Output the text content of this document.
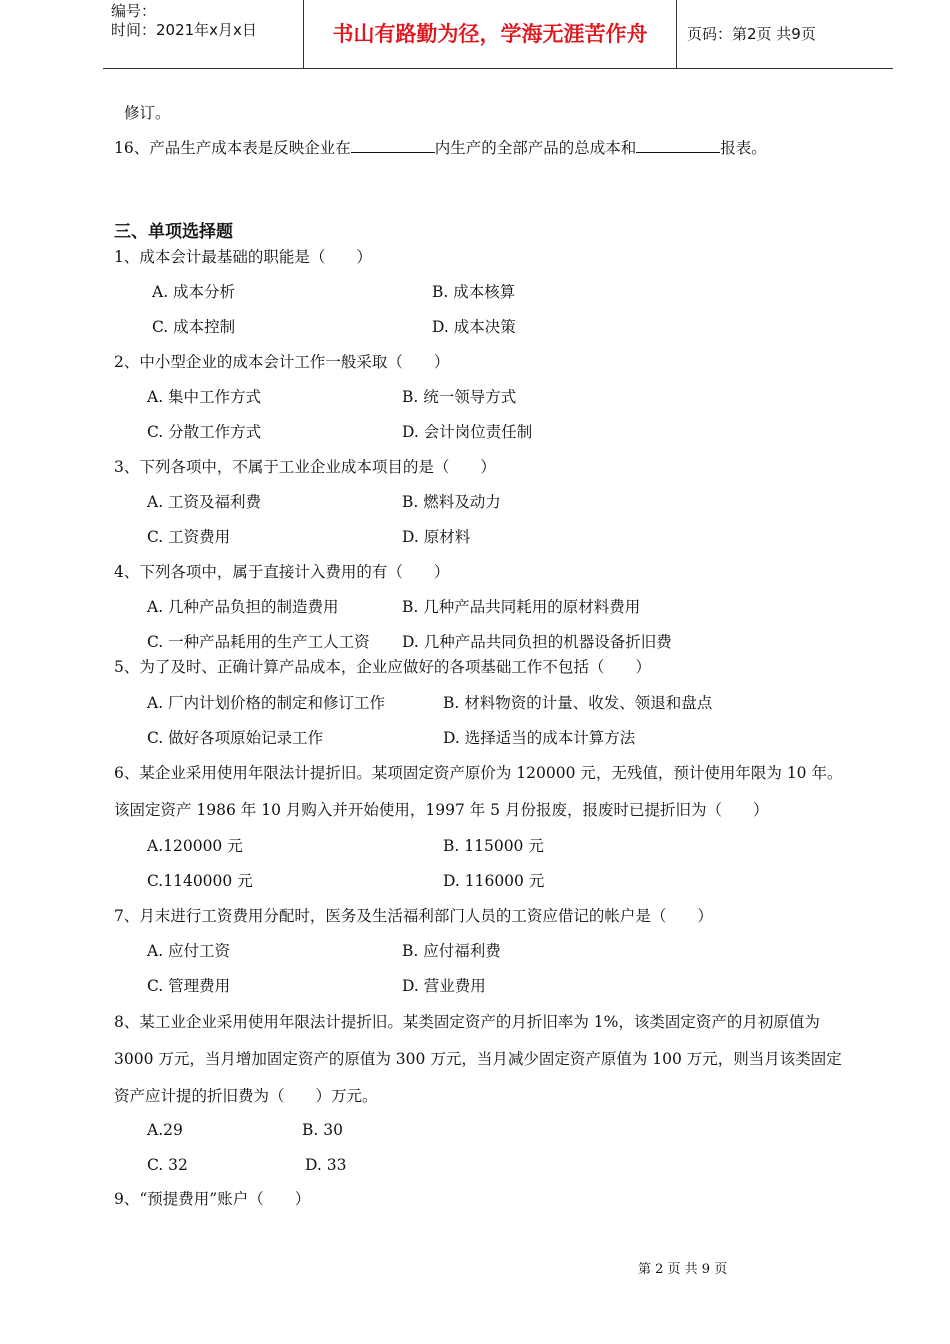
编号：
时间：2021年x月x日	书山有路勤为径，学海无涯苦作舟	页码：第2页 共9页
修订。
16、产品生产成本表是反映企业在	内生产的全部产品的总成本和	报表。
三、单项选择题
1、成本会计最基础的职能是（　　）
A. 成本分析	B. 成本核算
C. 成本控制	D. 成本决策
2、中小型企业的成本会计工作一般采取（　　）
A. 集中工作方式	B. 统一领导方式
C. 分散工作方式	D. 会计岗位责任制
3、下列各项中，不属于工业企业成本项目的是（　　）
A. 工资及福利费	B. 燃料及动力
C. 工资费用	D. 原材料
4、下列各项中，属于直接计入费用的有（　　）
A. 几种产品负担的制造费用	B. 几种产品共同耗用的原材料费用
C. 一种产品耗用的生产工人工资 D. 几种产品共同负担的机器设备折旧费
5、为了及时、正确计算产品成本，企业应做好的各项基础工作不包括（　　）
A. 厂内计划价格的制定和修订工作	B. 材料物资的计量、收发、领退和盘点
C. 做好各项原始记录工作	D. 选择适当的成本计算方法
6、某企业采用使用年限法计提折旧。某项固定资产原价为 120000 元，无残值，预计使用年限为 10 年。
该固定资产 1986 年 10 月购入并开始使用，1997 年 5 月份报废，报废时已提折旧为（　　）
A.120000 元	B. 115000 元
C.1140000 元	D. 116000 元
7、月末进行工资费用分配时，医务及生活福利部门人员的工资应借记的帐户是（　　）
A. 应付工资	B. 应付福利费
C. 管理费用	D. 营业费用
8、某工业企业采用使用年限法计提折旧。某类固定资产的月折旧率为 1%，该类固定资产的月初原值为
3000 万元，当月增加固定资产的原值为 300 万元，当月减少固定资产原值为 100 万元，则当月该类固定
资产应计提的折旧费为（　　）万元。
A.29	B. 30
C. 32	D. 33
9、“预提费用”账户（　　）
第 2 页 共 9 页
